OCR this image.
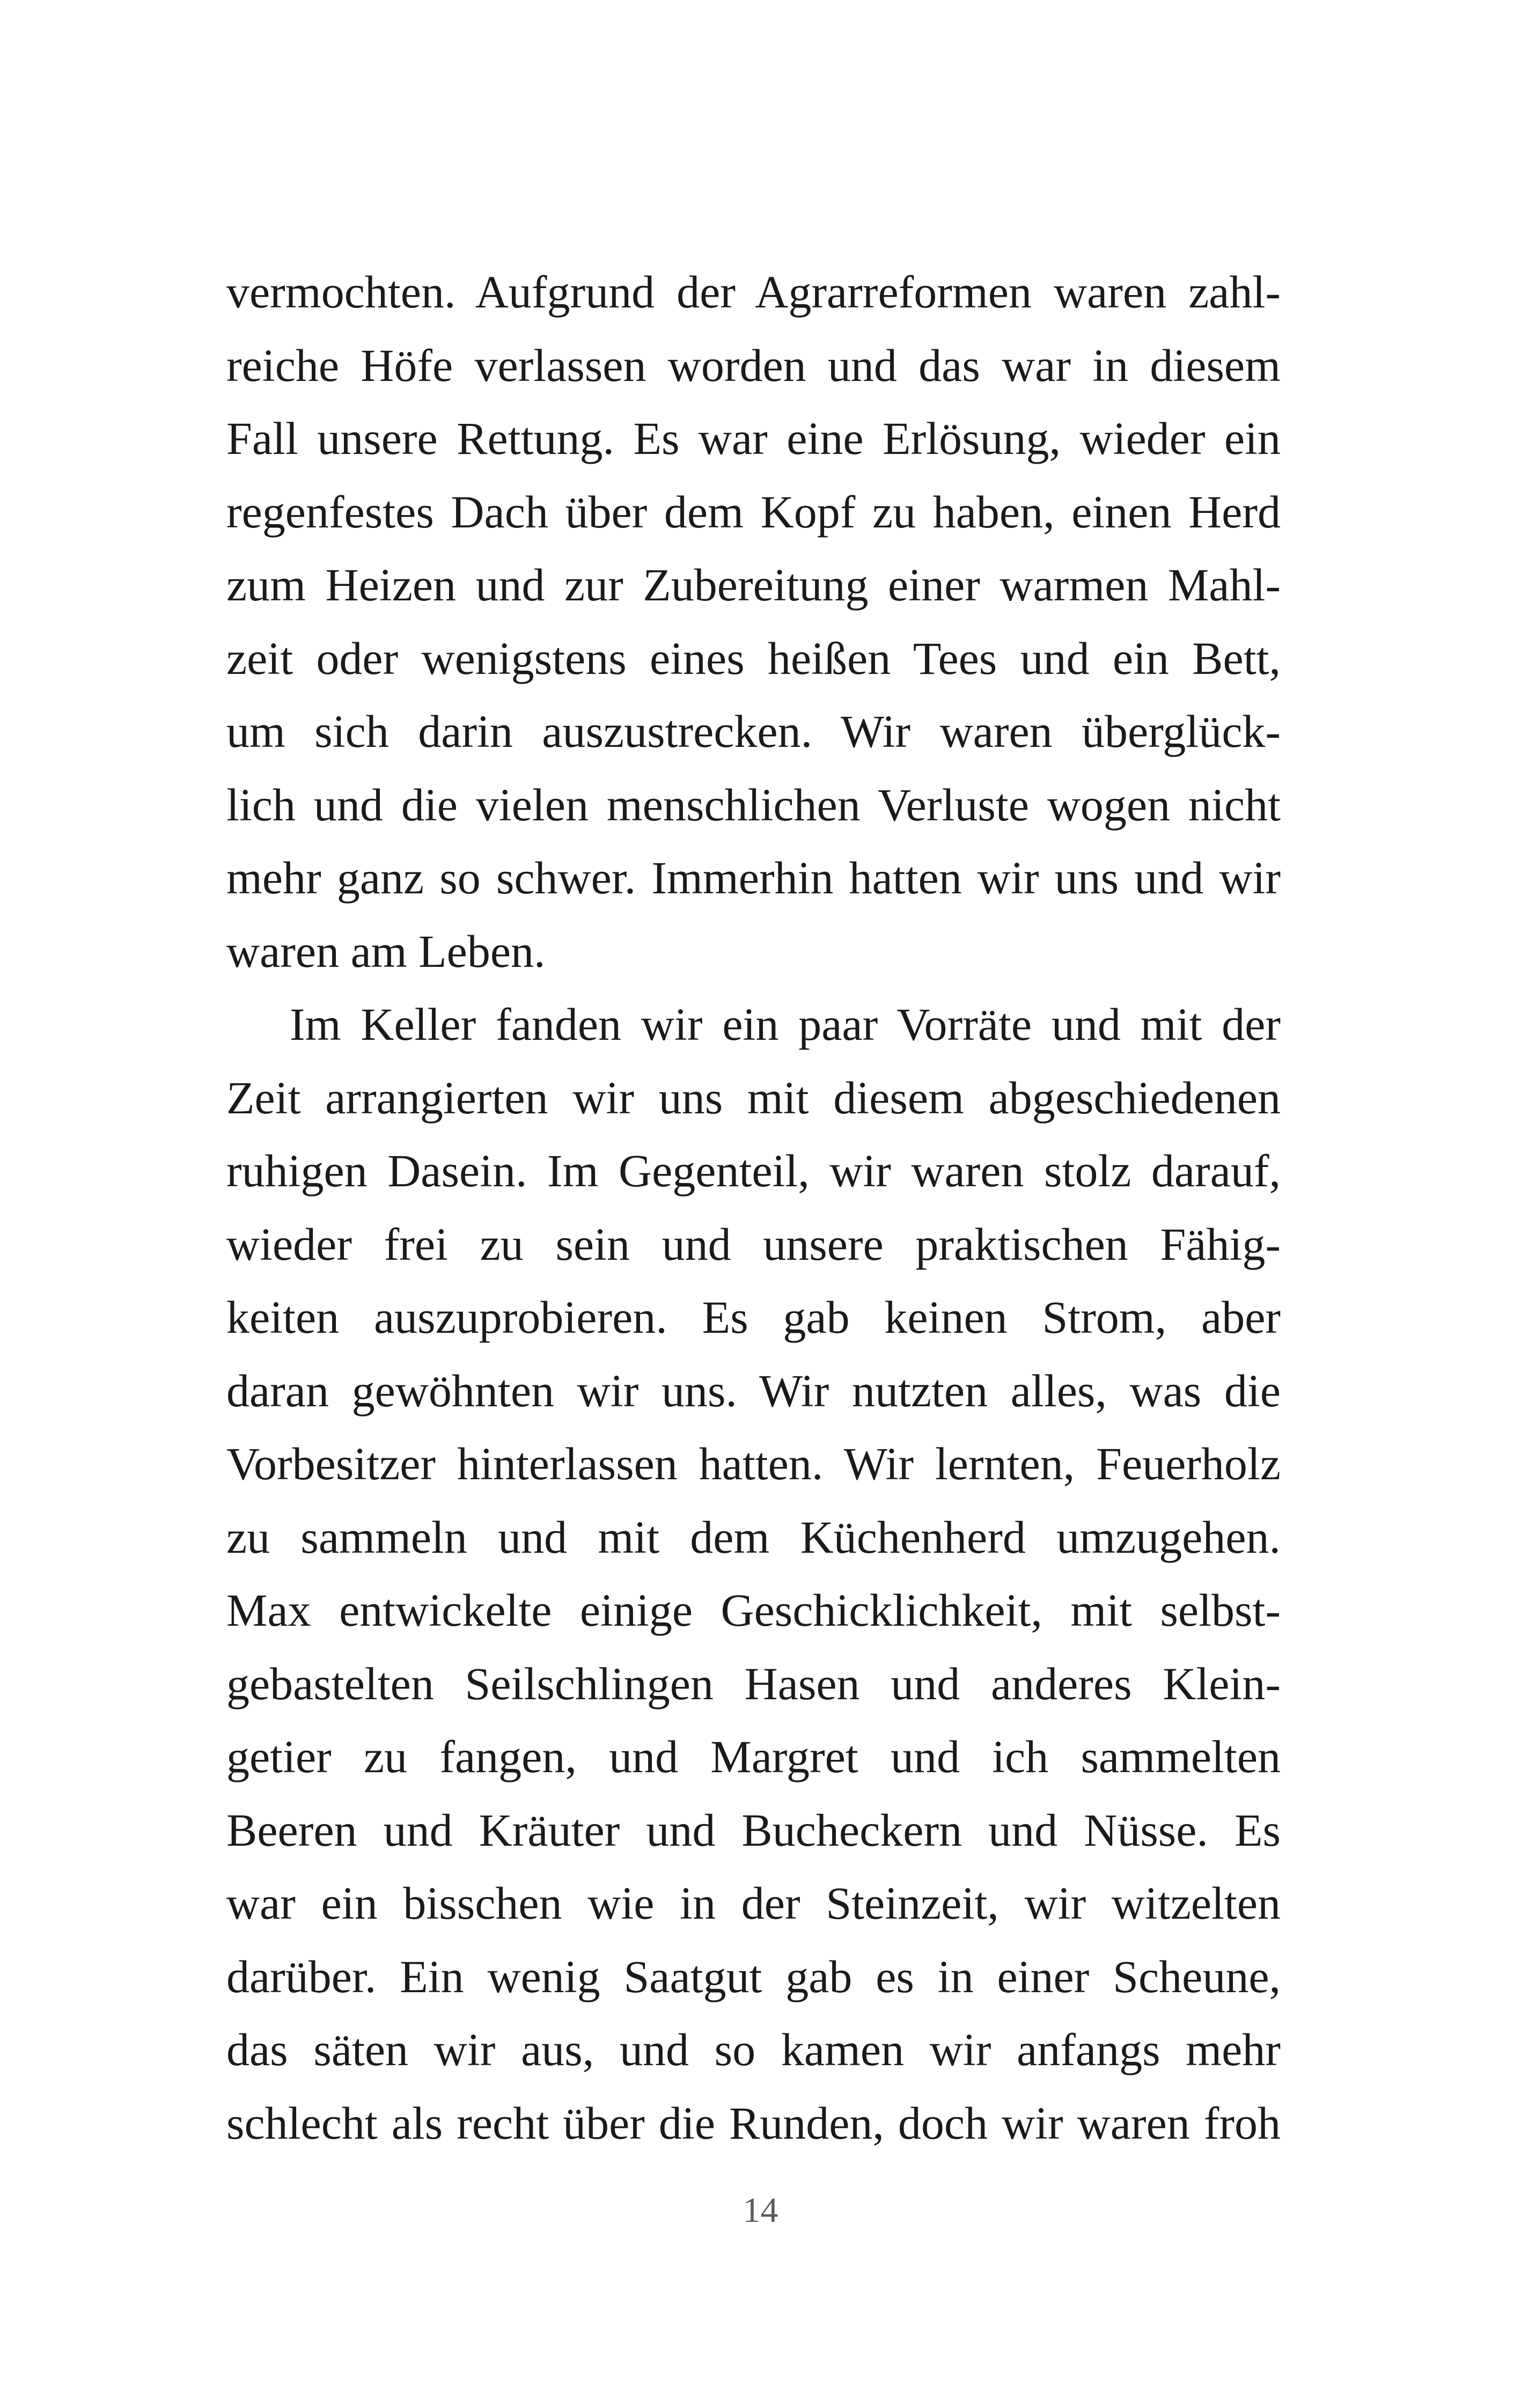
vermochten. Aufgrund der Agrarreformen waren zahl-
reiche Höfe verlassen worden und das war in diesem
Fall unsere Rettung. Es war eine Erlösung, wieder ein
regenfestes Dach über dem Kopf zu haben, einen Herd
zum Heizen und zur Zubereitung einer warmen Mahl-
zeit oder wenigstens eines heißen Tees und ein Bett,
um sich darin auszustrecken. Wir waren überglück-
lich und die vielen menschlichen Verluste wogen nicht
mehr ganz so schwer. Immerhin hatten wir uns und wir
waren am Leben.
Im Keller fanden wir ein paar Vorräte und mit der
Zeit arrangierten wir uns mit diesem abgeschiedenen
ruhigen Dasein. Im Gegenteil, wir waren stolz darauf,
wieder frei zu sein und unsere praktischen Fähig-
keiten auszuprobieren. Es gab keinen Strom, aber
daran gewöhnten wir uns. Wir nutzten alles, was die
Vorbesitzer hinterlassen hatten. Wir lernten, Feuerholz
zu sammeln und mit dem Küchenherd umzugehen.
Max entwickelte einige Geschicklichkeit, mit selbst-
gebastelten Seilschlingen Hasen und anderes Klein-
getier zu fangen, und Margret und ich sammelten
Beeren und Kräuter und Bucheckern und Nüsse. Es
war ein bisschen wie in der Steinzeit, wir witzelten
darüber. Ein wenig Saatgut gab es in einer Scheune,
das säten wir aus, und so kamen wir anfangs mehr
schlecht als recht über die Runden, doch wir waren froh
14
